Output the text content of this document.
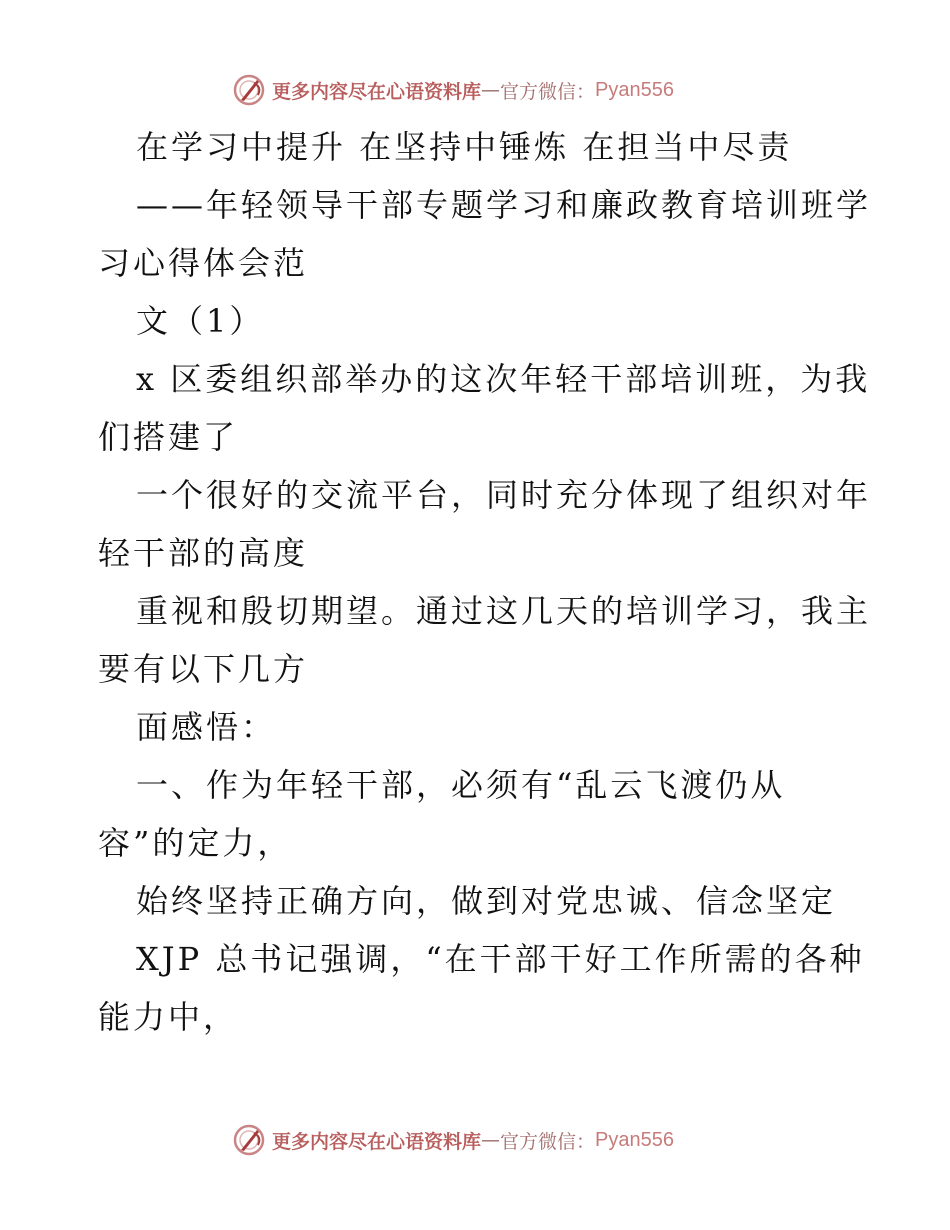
更多内容尽在心语资料库 — 官方微信： Pyan556
在学习中提升 在坚持中锤炼 在担当中尽责
——年轻领导干部专题学习和廉政教育培训班学
习心得体会范
文（1）
x 区委组织部举办的这次年轻干部培训班，为我
们搭建了
一个很好的交流平台，同时充分体现了组织对年
轻干部的高度
重视和殷切期望。通过这几天的培训学习，我主
要有以下几方
面感悟：
一、作为年轻干部，必须有“乱云飞渡仍从
容”的定力，
始终坚持正确方向，做到对党忠诚、信念坚定
XJP 总书记强调，“在干部干好工作所需的各种
能力中，
更多内容尽在心语资料库 — 官方微信： Pyan556
